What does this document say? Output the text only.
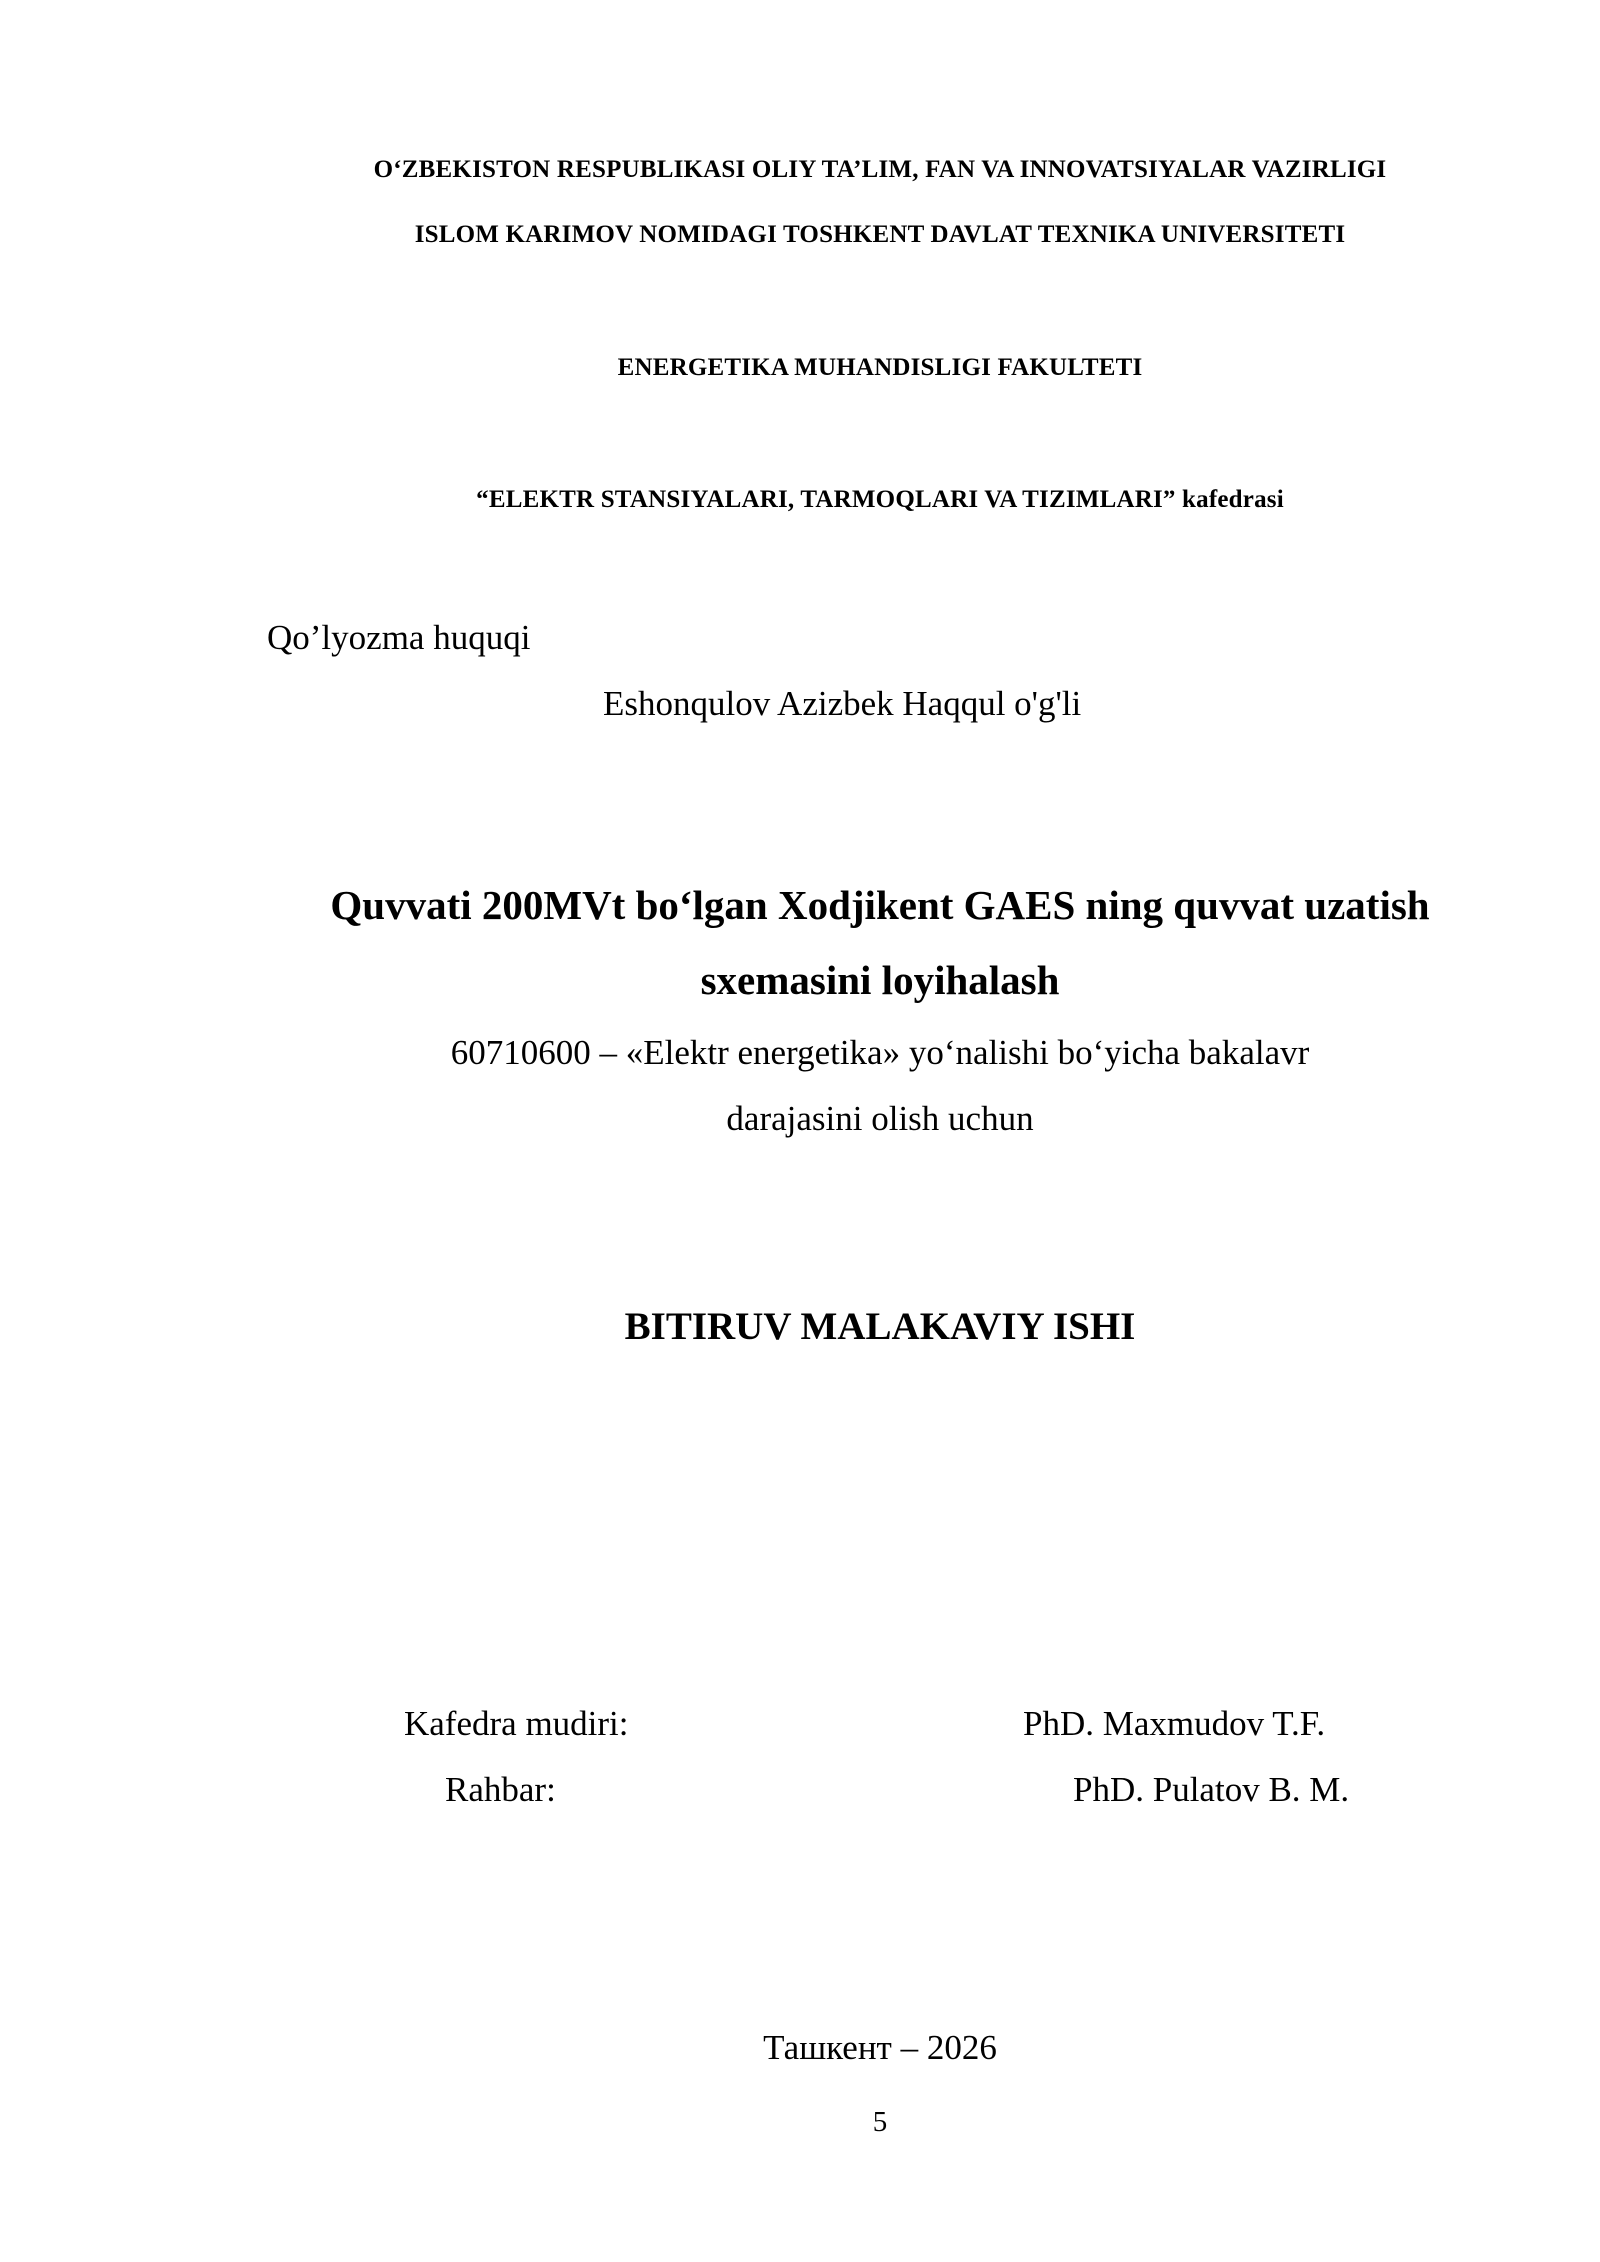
O‘ZBEKISTON RESPUBLIKASI OLIY TA’LIM, FAN VA INNOVATSIYALAR VAZIRLIGI
ISLOM KARIMOV NOMIDAGI TOSHKENT DAVLAT TEXNIKA UNIVERSITETI
ENERGETIKA MUHANDISLIGI FAKULTETI
“ELEKTR STANSIYALARI, TARMOQLARI VA TIZIMLARI” kafedrasi
Qo’lyozma huquqi
Eshonqulov Azizbek Haqqul o'g'li
Quvvati 200MVt bo‘lgan Xodjikent GAES ning quvvat uzatish
sxemasini loyihalash
60710600 – «Elektr energetika» yo‘nalishi bo‘yicha bakalavr
darajasini olish uchun
BITIRUV MALAKAVIY ISHI
Kafedra mudiri:	PhD. Maxmudov T.F.
Rahbar:	PhD. Pulatov B. M.
Ташкент – 2026
5
